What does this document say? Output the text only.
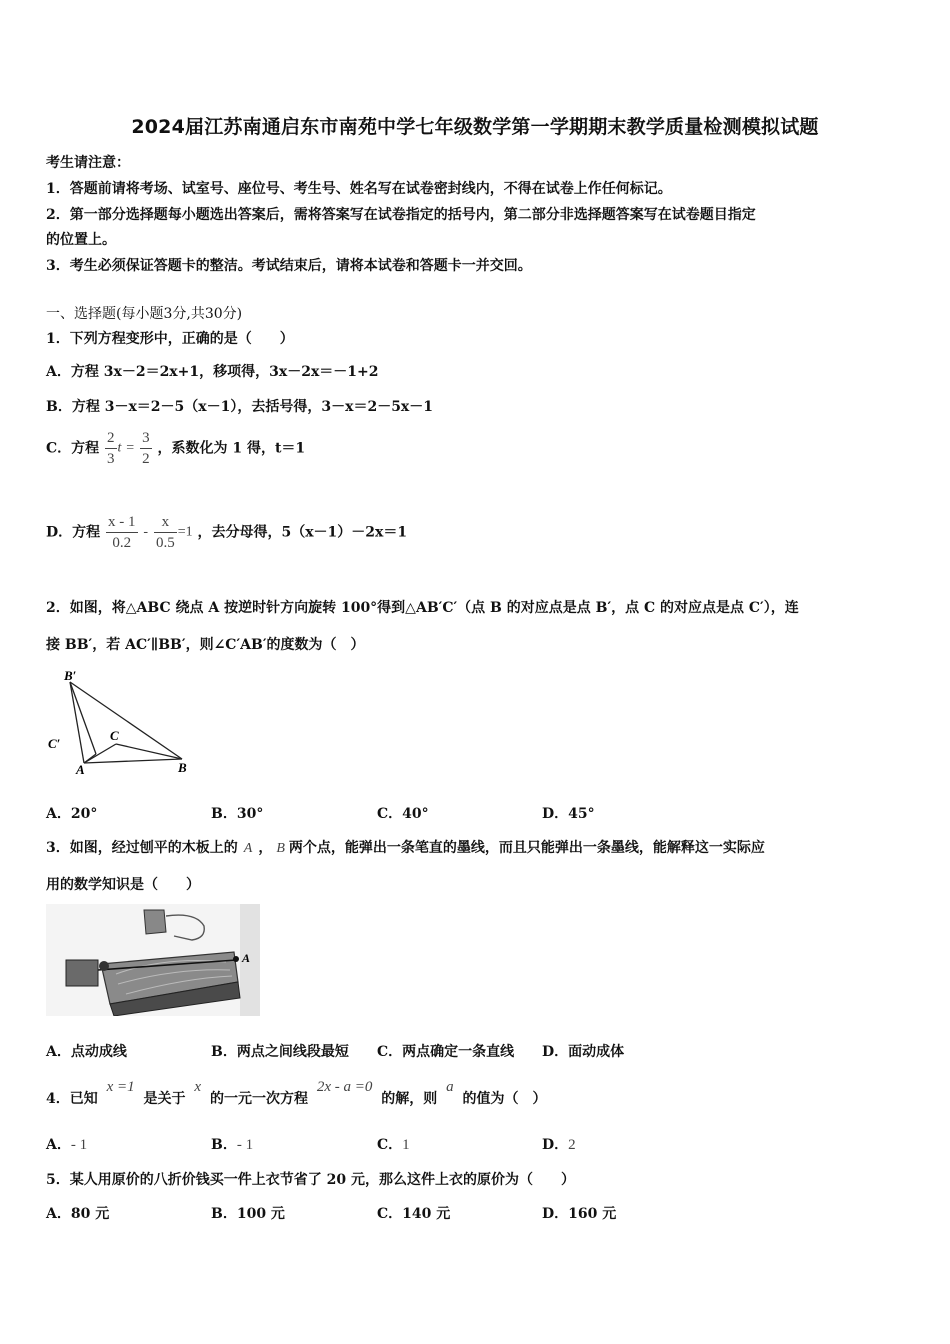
2024届江苏南通启东市南苑中学七年级数学第一学期期末教学质量检测模拟试题
考生请注意：
1．答题前请将考场、试室号、座位号、考生号、姓名写在试卷密封线内，不得在试卷上作任何标记。
2．第一部分选择题每小题选出答案后，需将答案写在试卷指定的括号内，第二部分非选择题答案写在试卷题目指定
的位置上。
3．考生必须保证答题卡的整洁。考试结束后，请将本试卷和答题卡一并交回。
一、选择题(每小题3分,共30分)
1．下列方程变形中，正确的是（　　）
A．方程 3x－2＝2x+1，移项得，3x－2x＝－1+2
B．方程 3－x＝2－5（x－1），去括号得，3－x＝2－5x－1
C．方程 $\frac{2}{3}$ $t = \frac{3}{2}$ ，系数化为 1 得，t＝1
D．方程 $\frac{x - 1}{0.2} - \frac{x}{0.5} =1$ ，去分母得，5（x－1）－2x＝1
2．如图，将△ABC 绕点 A 按逆时针方向旋转 100°得到△AB′C′（点 B 的对应点是点 B′，点 C 的对应点是点 C′），连
接 BB′，若 AC′∥BB′，则∠C′AB′的度数为（　）
B′
C′
C
A	B
A．20°	B．30°	C．40°	D．45°
3．如图，经过刨平的木板上的 A ， B 两个点，能弹出一条笔直的墨线，而且只能弹出一条墨线，能解释这一实际应
用的数学知识是（　　）
A
A．点动成线	B．两点之间线段最短 C．两点确定一条直线 D．面动成体
4．已知 x =1 是关于 x 的一元一次方程 2x - a =0 的解，则 a 的值为（　）
A．- 1	B．- 1	C．1	D．2
5．某人用原价的八折价钱买一件上衣节省了 20 元，那么这件上衣的原价为（　　）
A．80 元	B．100 元	C．140 元	D．160 元
